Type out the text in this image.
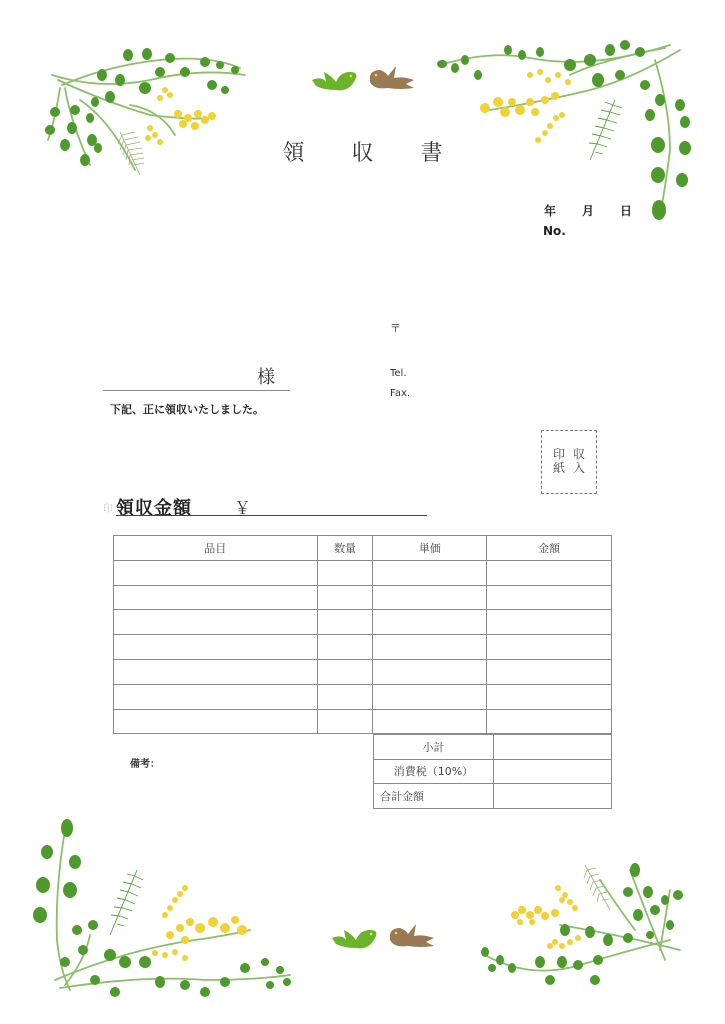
領 収 書
年 月 日
No.
〒
Tel.
Fax.
様
下記、正に領収いたしました。
収
入
印
紙
印 領収金額 ￥
品目	数量	単価	金額

備考：
小計	
消費税（10%）	
合計金額	
